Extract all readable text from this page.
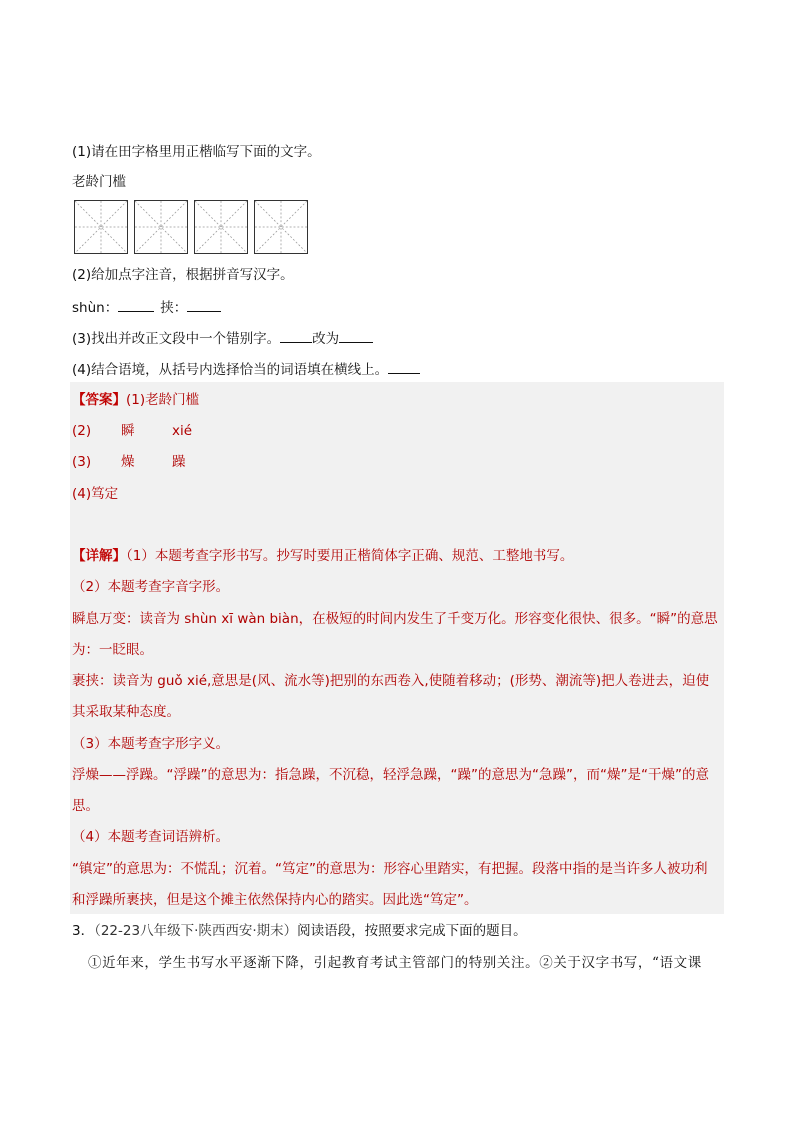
(1)请在田字格里用正楷临写下面的文字。
老龄门槛
(2)给加点字注音，根据拼音写汉字。
shùn：	挟：
(3)找出并改正文段中一个错别字。 改为
(4)结合语境，从括号内选择恰当的词语填在横线上。
【答案】(1)老龄门槛
(2) 瞬	xié
(3) 燥	躁
(4)笃定
【详解】（1）本题考查字形书写。抄写时要用正楷简体字正确、规范、工整地书写。
（2）本题考查字音字形。
瞬息万变：读音为 shùn xī wàn biàn，在极短的时间内发生了千变万化。形容变化很快、很多。“瞬”的意思
为：一眨眼。
裹挟：读音为 guǒ xié,意思是(风、流水等)把别的东西卷入,使随着移动；(形势、潮流等)把人卷进去，迫使
其采取某种态度。
（3）本题考查字形字义。
浮燥——浮躁。“浮躁”的意思为：指急躁，不沉稳，轻浮急躁，“躁”的意思为“急躁”，而“燥”是“干燥”的意
思。
（4）本题考查词语辨析。
“镇定”的意思为：不慌乱；沉着。“笃定”的意思为：形容心里踏实，有把握。段落中指的是当许多人被功利
和浮躁所裹挟，但是这个摊主依然保持内心的踏实。因此选“笃定”。
3．（22-23八年级下·陕西西安·期末）阅读语段，按照要求完成下面的题目。
①近年来，学生书写水平逐渐下降，引起教育考试主管部门的特别关注。②关于汉字书写，“语文课
